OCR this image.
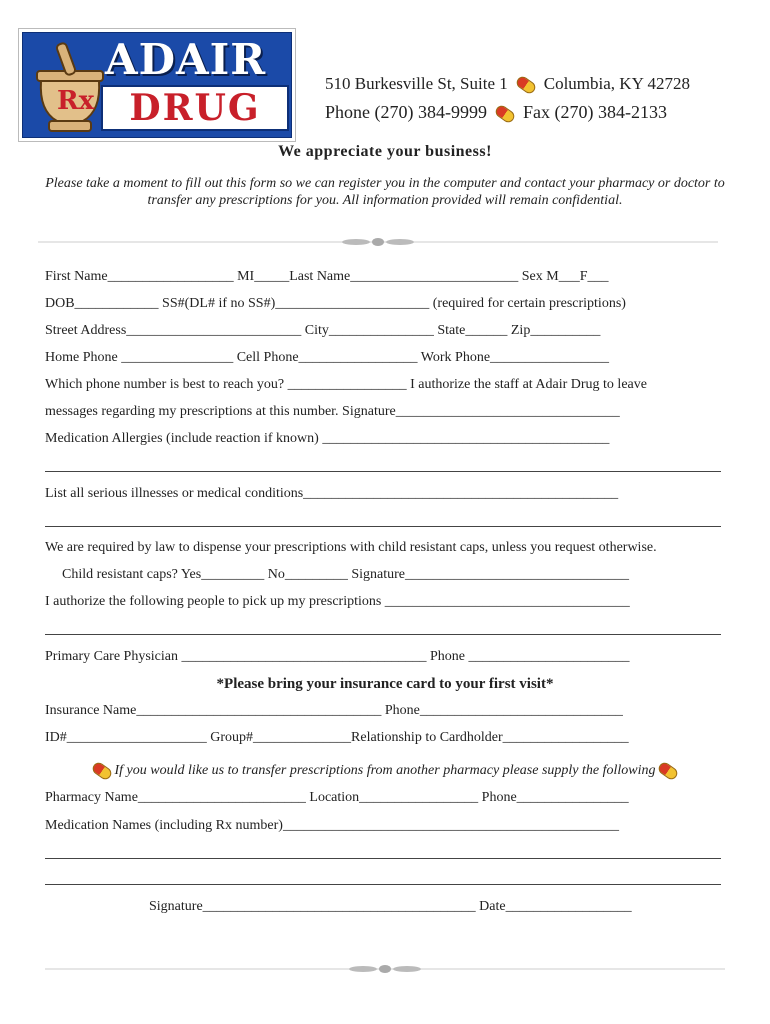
Rx
ADAIR
DRUG
510 Burkesville St, Suite 1 Columbia, KY 42728
Phone (270) 384-9999 Fax (270) 384-2133
We appreciate your business!
Please take a moment to fill out this form so we can register you in the computer and contact your pharmacy or doctor to transfer any prescriptions for you. All information provided will remain confidential.
First Name__________________ MI_____Last Name________________________ Sex M___F___
DOB____________ SS#(DL# if no SS#)______________________ (required for certain prescriptions)
Street Address_________________________ City_______________ State______ Zip__________
Home Phone ________________ Cell Phone_________________ Work Phone_________________
Which phone number is best to reach you? _________________ I authorize the staff at Adair Drug to leave
messages regarding my prescriptions at this number. Signature________________________________
Medication Allergies (include reaction if known) _________________________________________
List all serious illnesses or medical conditions_____________________________________________
We are required by law to dispense your prescriptions with child resistant caps, unless you request otherwise.
Child resistant caps? Yes_________ No_________ Signature________________________________
I authorize the following people to pick up my prescriptions ___________________________________
Primary Care Physician ___________________________________ Phone _______________________
*Please bring your insurance card to your first visit*
Insurance Name___________________________________ Phone_____________________________
ID#____________________ Group#______________Relationship to Cardholder__________________
If you would like us to transfer prescriptions from another pharmacy please supply the following
Pharmacy Name________________________ Location_________________ Phone________________
Medication Names (including Rx number)________________________________________________
Signature_______________________________________ Date__________________
